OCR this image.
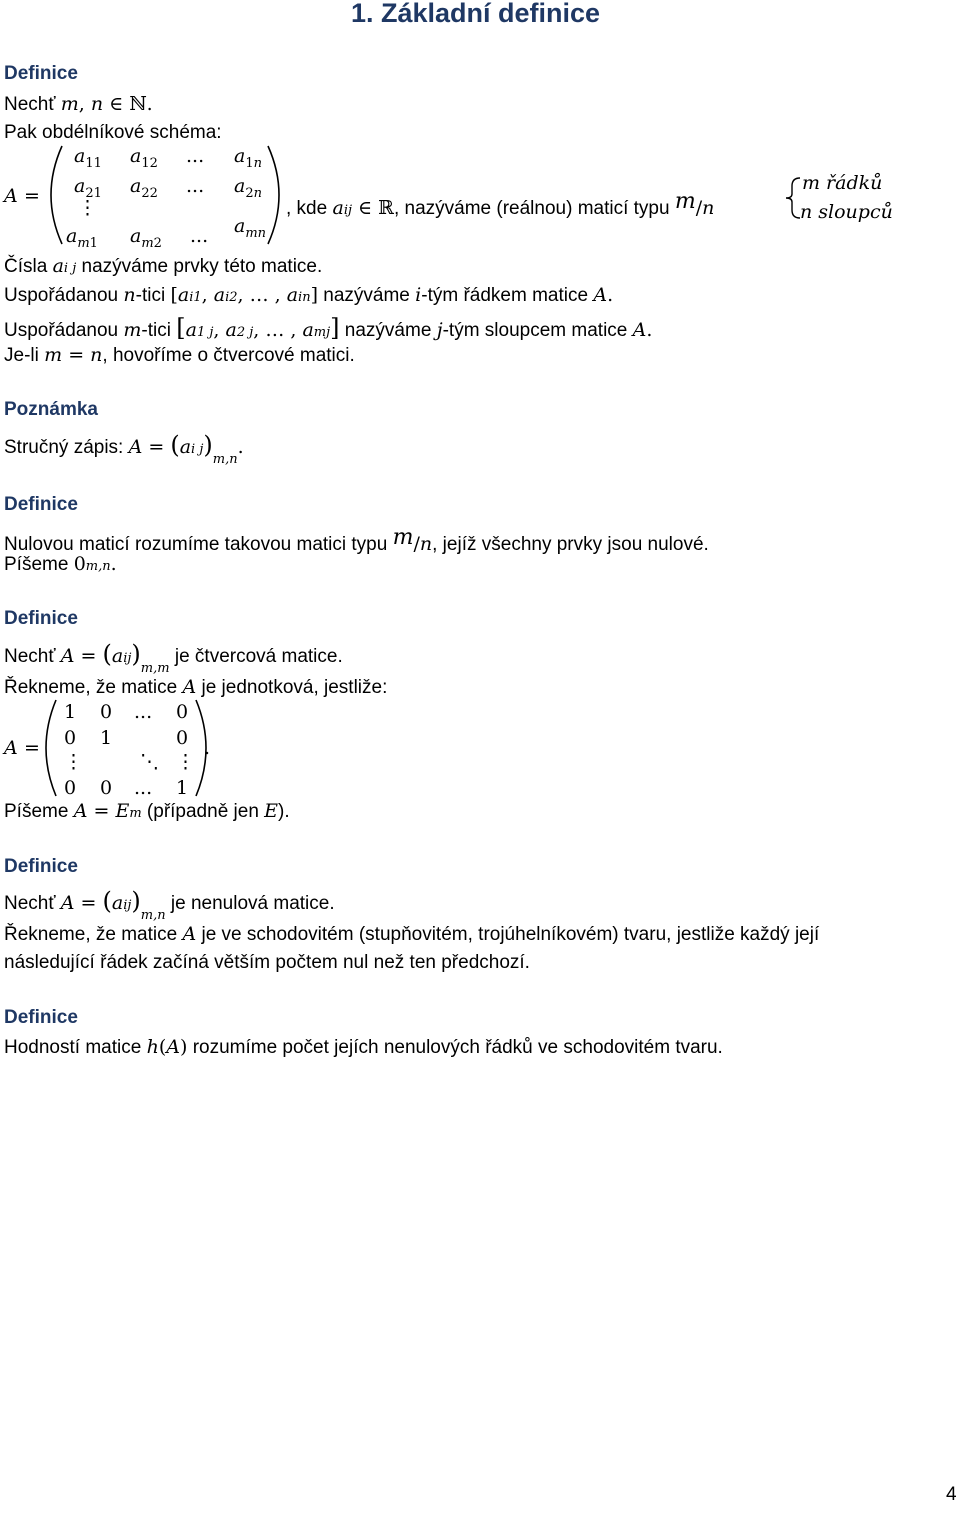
1. Základní definice
Definice
Nechť m, n ∈ ℕ.
Pak obdélníkové schéma:
A =
$a_{11}$ $a_{12}$ ... $a_1n$
$a_{21}$ $a_{22}$ ... $a_2n$
⋮
$a_m1$ $a_m2$ ... $a_{mn}$
, kde aij ∈ ℝ, nazýváme (reálnou) maticí typu m/n
m řádků
n sloupců
Čísla ai j nazýváme prvky této matice.
Uspořádanou n-tici [ai1, ai2, … , ain] nazýváme i-tým řádkem matice A.
Uspořádanou m-tici [a1 j, a2 j, … , amj] nazýváme j-tým sloupcem matice A.
Je-li m = n, hovoříme o čtvercové matici.
Poznámka
Stručný zápis: A = (ai $j)_{m,n}$.
Definice
Nulovou maticí rozumíme takovou matici typu m/n, jejíž všechny prvky jsou nulové.
Píšeme 0m,n.
Definice
Nechť $A = (aij)_{m,m}$ je čtvercová matice.
Řekneme, že matice A je jednotková, jestliže:
A =
1 0 ... 0
0 1	0
⋮	⋱ ⋮
0 0 ... 1
.
Píšeme A = Em (případně jen E).
Definice
Nechť $A = (aij)_{m,n}$ je nenulová matice.
Řekneme, že matice A je ve schodovitém (stupňovitém, trojúhelníkovém) tvaru, jestliže každý její
následující řádek začíná větším počtem nul než ten předchozí.
Definice
Hodností matice h(A) rozumíme počet jejích nenulových řádků ve schodovitém tvaru.
4
